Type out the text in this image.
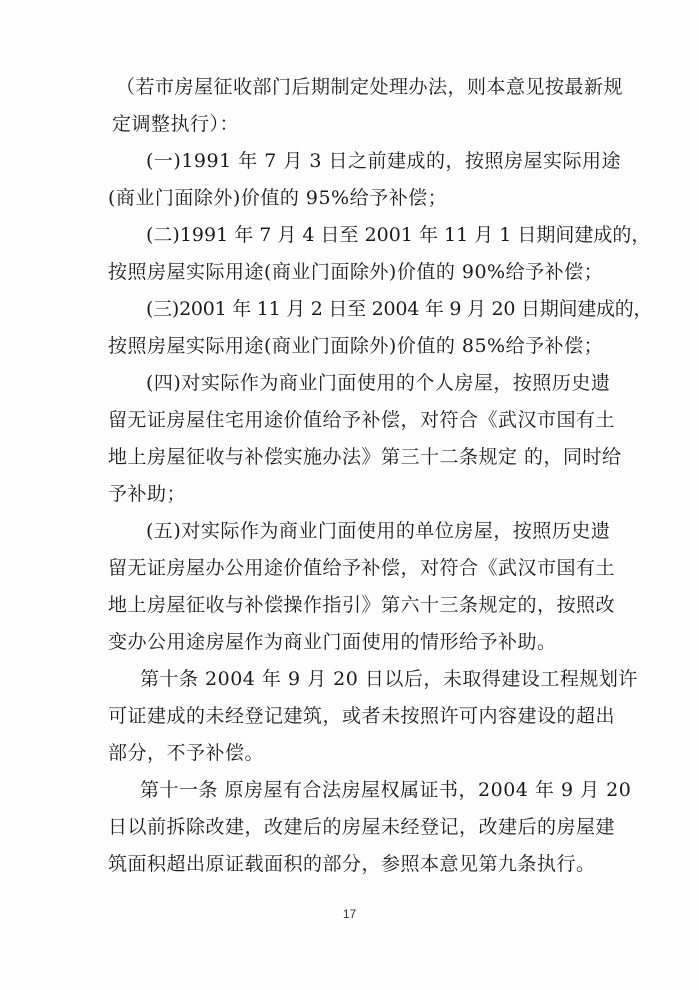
（若市房屋征收部门后期制定处理办法，则本意见按最新规
定调整执行）：
(一)1991 年 7 月 3 日之前建成的，按照房屋实际用途
(商业门面除外)价值的 95%给予补偿；
(二)1991 年 7 月 4 日至 2001 年 11 月 1 日期间建成的，
按照房屋实际用途(商业门面除外)价值的 90%给予补偿；
(三)2001 年 11 月 2 日至 2004 年 9 月 20 日期间建成的，
按照房屋实际用途(商业门面除外)价值的 85%给予补偿；
(四)对实际作为商业门面使用的个人房屋，按照历史遗
留无证房屋住宅用途价值给予补偿，对符合《武汉市国有土
地上房屋征收与补偿实施办法》第三十二条规定 的，同时给
予补助；
(五)对实际作为商业门面使用的单位房屋，按照历史遗
留无证房屋办公用途价值给予补偿，对符合《武汉市国有土
地上房屋征收与补偿操作指引》第六十三条规定的，按照改
变办公用途房屋作为商业门面使用的情形给予补助。
第十条 2004 年 9 月 20 日以后，未取得建设工程规划许
可证建成的未经登记建筑，或者未按照许可内容建设的超出
部分，不予补偿。
第十一条 原房屋有合法房屋权属证书，2004 年 9 月 20
日以前拆除改建，改建后的房屋未经登记，改建后的房屋建
筑面积超出原证载面积的部分，参照本意见第九条执行。
17
